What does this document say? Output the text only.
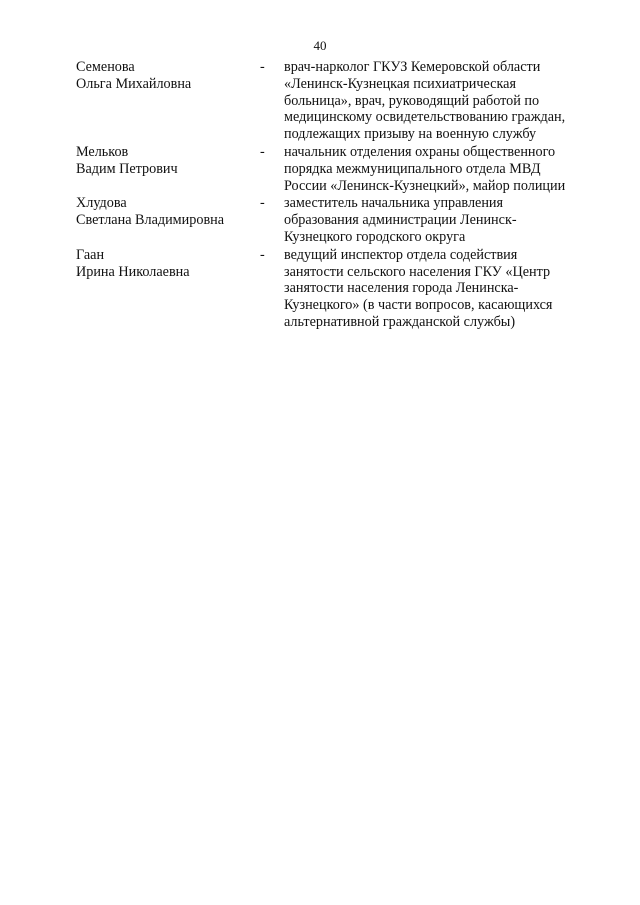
40
Семенова
Ольга Михайловна
-	врач-нарколог ГКУЗ Кемеровской области
«Ленинск-Кузнецкая психиатрическая
больница», врач, руководящий работой по
медицинскому освидетельствованию граждан,
подлежащих призыву на военную службу
Мельков
Вадим Петрович
-	начальник отделения охраны общественного
порядка межмуниципального отдела МВД
России «Ленинск-Кузнецкий», майор полиции
Хлудова
Светлана Владимировна
-	заместитель начальника управления
образования администрации Ленинск-
Кузнецкого городского округа
Гаан
Ирина Николаевна
-	ведущий инспектор отдела содействия
занятости сельского населения ГКУ «Центр
занятости населения города Ленинска-
Кузнецкого» (в части вопросов, касающихся
альтернативной гражданской службы)
